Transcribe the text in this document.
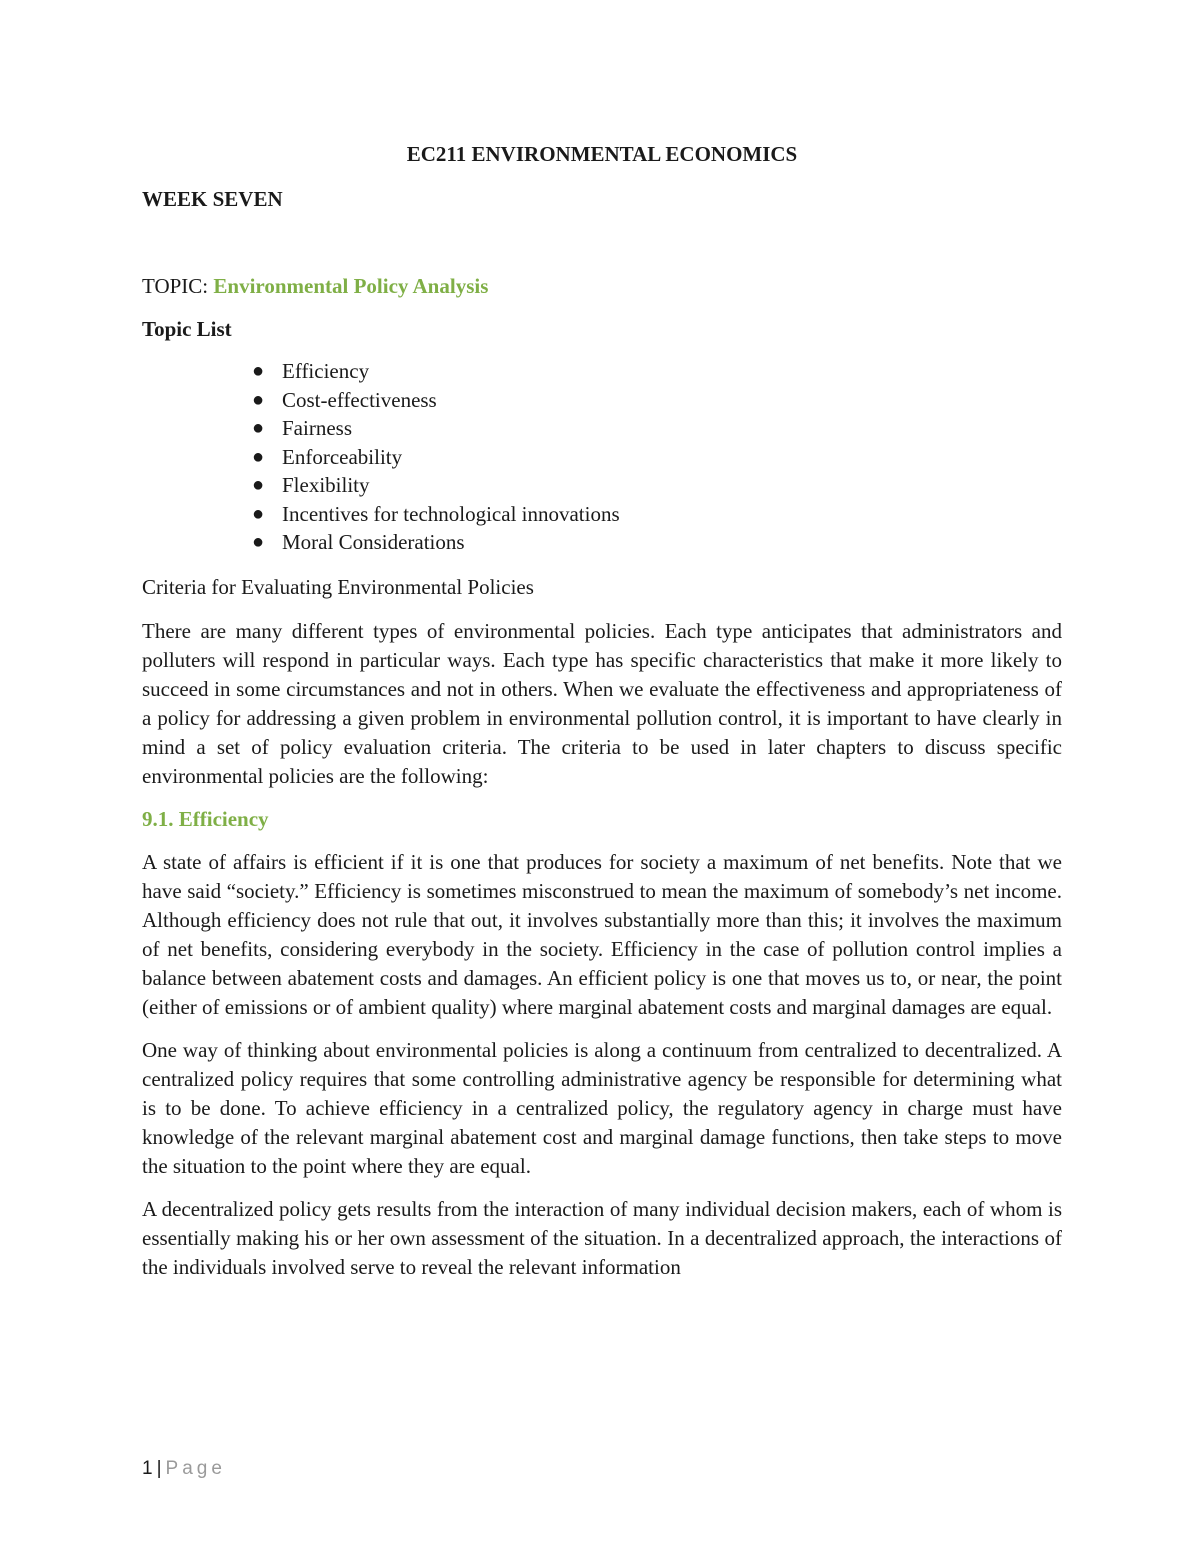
EC211 ENVIRONMENTAL ECONOMICS
WEEK SEVEN
TOPIC: Environmental Policy Analysis
Topic List
● Efficiency
● Cost-effectiveness
● Fairness
● Enforceability
● Flexibility
● Incentives for technological innovations
● Moral Considerations
Criteria for Evaluating Environmental Policies

There are many different types of environmental policies. Each type anticipates that administrators and polluters will respond in particular ways. Each type has specific characteristics that make it more likely to succeed in some circumstances and not in others. When we evaluate the effectiveness and appropriateness of a policy for addressing a given problem in environmental pollution control, it is important to have clearly in mind a set of policy evaluation criteria. The criteria to be used in later chapters to discuss specific environmental policies are the following:

9.1. Efficiency

A state of affairs is efficient if it is one that produces for society a maximum of net benefits. Note that we have said “society.” Efficiency is sometimes misconstrued to mean the maximum of somebody’s net income. Although efficiency does not rule that out, it involves substantially more than this; it involves the maximum of net benefits, considering everybody in the society. Efficiency in the case of pollution control implies a balance between abatement costs and damages. An efficient policy is one that moves us to, or near, the point (either of emissions or of ambient quality) where marginal abatement costs and marginal damages are equal.

One way of thinking about environmental policies is along a continuum from centralized to decentralized. A centralized policy requires that some controlling administrative agency be responsible for determining what is to be done. To achieve efficiency in a centralized policy, the regulatory agency in charge must have knowledge of the relevant marginal abatement cost and marginal damage functions, then take steps to move the situation to the point where they are equal.

A decentralized policy gets results from the interaction of many individual decision makers, each of whom is essentially making his or her own assessment of the situation. In a decentralized approach, the interactions of the individuals involved serve to reveal the relevant information

1 | Page
